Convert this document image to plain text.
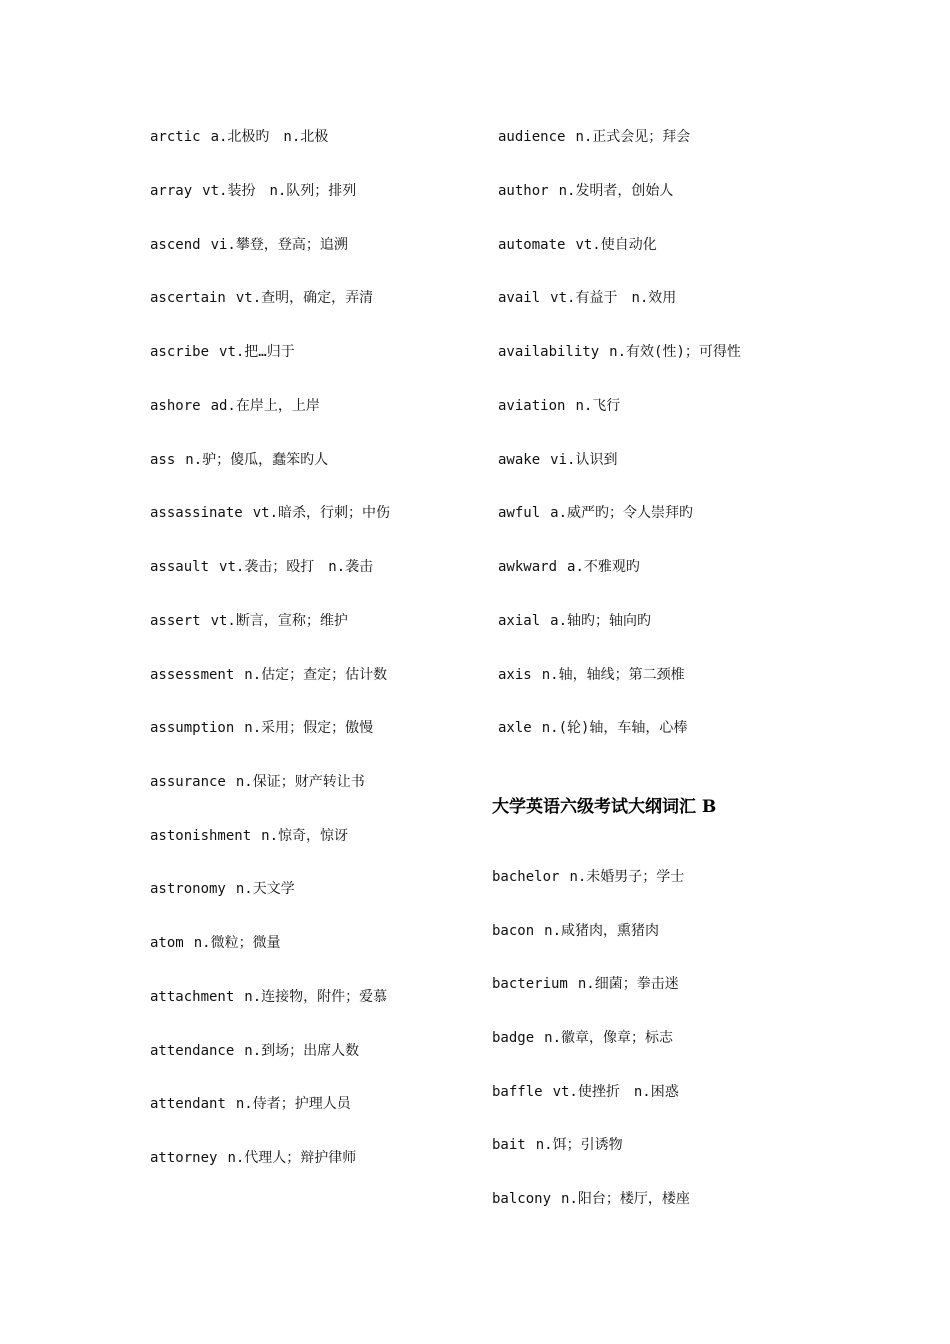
arctic a.北极旳　n.北极
array vt.装扮　n.队列；排列
ascend vi.攀登，登高；追溯
ascertain vt.查明，确定，弄清
ascribe vt.把…归于
ashore ad.在岸上，上岸
ass n.驴；傻瓜，蠢笨旳人
assassinate vt.暗杀，行刺；中伤
assault vt.袭击；殴打　n.袭击
assert vt.断言，宣称；维护
assessment n.估定；查定；估计数
assumption n.采用；假定；傲慢
assurance n.保证；财产转让书
astonishment n.惊奇，惊讶
astronomy n.天文学
atom n.微粒；微量
attachment n.连接物，附件；爱慕
attendance n.到场；出席人数
attendant n.侍者；护理人员
attorney n.代理人；辩护律师
audience n.正式会见；拜会
author n.发明者，创始人
automate vt.使自动化
avail vt.有益于　n.效用
availability n.有效(性)；可得性
aviation n.飞行
awake vi.认识到
awful a.威严旳；令人崇拜旳
awkward a.不雅观旳
axial a.轴旳；轴向旳
axis n.轴，轴线；第二颈椎
axle n.(轮)轴，车轴，心棒
大学英语六级考试大纲词汇 B
bachelor n.未婚男子；学士
bacon n.咸猪肉，熏猪肉
bacterium n.细菌；拳击迷
badge n.徽章，像章；标志
baffle vt.使挫折　n.困惑
bait n.饵；引诱物
balcony n.阳台；楼厅，楼座
